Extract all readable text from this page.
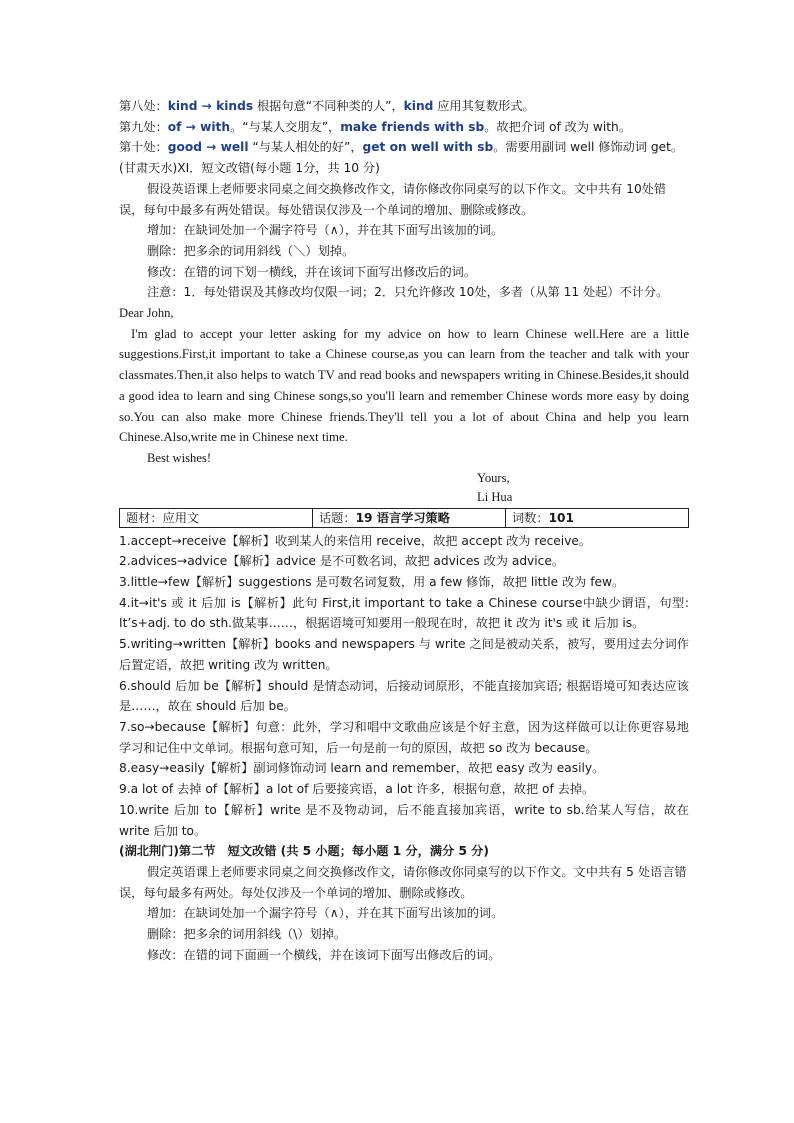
第八处：kind → kinds 根据句意“不同种类的人”，kind 应用其复数形式。
第九处：of → with。“与某人交朋友”，make friends with sb。故把介词 of 改为 with。
第十处：good → well “与某人相处的好”，get on well with sb。需要用副词 well 修饰动词 get。
(甘肃天水)XI．短文改错(每小题 1分，共 10 分)
假设英语课上老师要求同桌之间交换修改作文，请你修改你同桌写的以下作文。文中共有 10处错误，每句中最多有两处错误。每处错误仅涉及一个单词的增加、删除或修改。
增加：在缺词处加一个漏字符号（∧），并在其下面写出该加的词。
删除：把多余的词用斜线（＼）划掉。
修改：在错的词下划一横线，并在该词下面写出修改后的词。
注意：1．每处错误及其修改均仅限一词；2．只允许修改 10处，多者（从第 11 处起）不计分。
Dear John,
I'm glad to accept your letter asking for my advice on how to learn Chinese well.Here are a little suggestions.First,it important to take a Chinese course,as you can learn from the teacher and talk with your classmates.Then,it also helps to watch TV and read books and newspapers writing in Chinese.Besides,it should a good idea to learn and sing Chinese songs,so you'll learn and remember Chinese words more easy by doing so.You can also make more Chinese friends.They'll tell you a lot of about China and help you learn Chinese.Also,write me in Chinese next time.
Best wishes!
Yours,
Li Hua
题材：应用文	话题：19 语言学习策略	词数：101
1.accept→receive【解析】收到某人的来信用 receive，故把 accept 改为 receive。
2.advices→advice【解析】advice 是不可数名词，故把 advices 改为 advice。
3.little→few【解析】suggestions 是可数名词复数，用 a few 修饰，故把 little 改为 few。
4.it→it's 或 it 后加 is【解析】此句 First,it important to take a Chinese course中缺少谓语，句型: It’s+adj. to do sth.做某事……，根据语境可知要用一般现在时，故把 it 改为 it's 或 it 后加 is。
5.writing→written【解析】books and newspapers 与 write 之间是被动关系，被写，要用过去分词作后置定语，故把 writing 改为 written。
6.should 后加 be【解析】should 是情态动词，后接动词原形，不能直接加宾语; 根据语境可知表达应该是……，故在 should 后加 be。
7.so→because【解析】句意：此外，学习和唱中文歌曲应该是个好主意，因为这样做可以让你更容易地学习和记住中文单词。根据句意可知，后一句是前一句的原因，故把 so 改为 because。
8.easy→easily【解析】副词修饰动词 learn and remember，故把 easy 改为 easily。
9.a lot of 去掉 of【解析】a lot of 后要接宾语，a lot 许多，根据句意，故把 of 去掉。
10.write 后加 to【解析】write 是不及物动词，后不能直接加宾语，write to sb.给某人写信，故在 write 后加 to。
(湖北荆门)第二节　短文改错 (共 5 小题；每小题 1 分，满分 5 分)
假定英语课上老师要求同桌之间交换修改作文，请你修改你同桌写的以下作文。文中共有 5 处语言错误，每句最多有两处。每处仅涉及一个单词的增加、删除或修改。
增加：在缺词处加一个漏字符号（∧），并在其下面写出该加的词。
删除：把多余的词用斜线（\）划掉。
修改：在错的词下面画一个横线，并在该词下面写出修改后的词。
